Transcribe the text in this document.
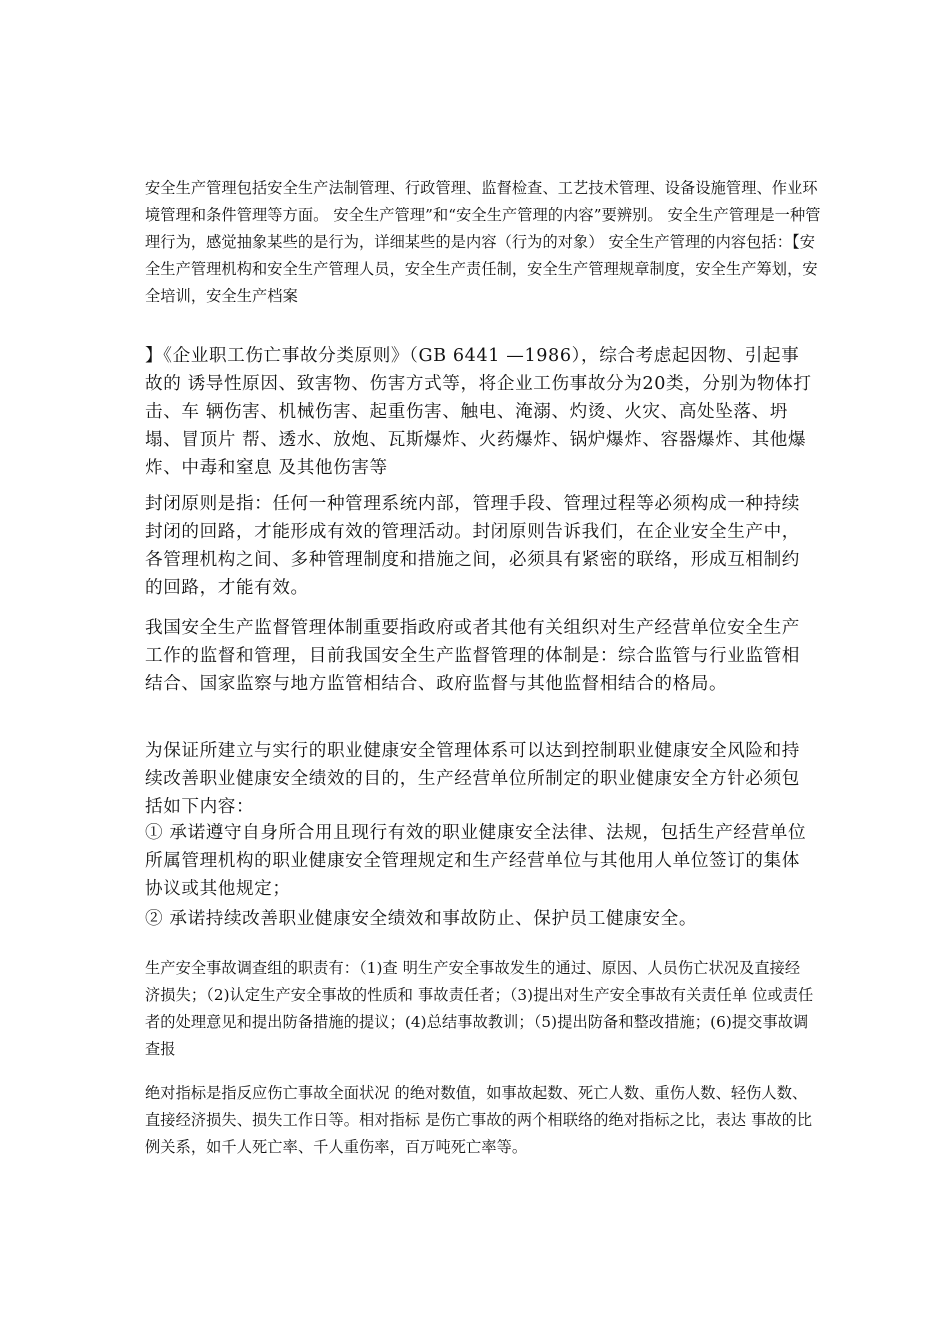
安全生产管理包括安全生产法制管理、行政管理、监督检查、工艺技术管理、设备设施管理、作业环境管理和条件管理等方面。 安全生产管理”和“安全生产管理的内容”要辨别。 安全生产管理是一种管理行为，感觉抽象某些的是行为，详细某些的是内容（行为的对象） 安全生产管理的内容包括：【安全生产管理机构和安全生产管理人员，安全生产责任制，安全生产管理规章制度，安全生产筹划，安全培训，安全生产档案

】《企业职工伤亡事故分类原则》（GB 6441 —1986），综合考虑起因物、引起事故的 诱导性原因、致害物、伤害方式等，将企业工伤事故分为20类，分别为物体打击、车 辆伤害、机械伤害、起重伤害、触电、淹溺、灼烫、火灾、高处坠落、坍塌、冒顶片 帮、透水、放炮、瓦斯爆炸、火药爆炸、锅炉爆炸、容器爆炸、其他爆炸、中毒和窒息 及其他伤害等

封闭原则是指：任何一种管理系统内部，管理手段、管理过程等必须构成一种持续封闭的回路，才能形成有效的管理活动。封闭原则告诉我们，在企业安全生产中，各管理机构之间、多种管理制度和措施之间，必须具有紧密的联络，形成互相制约的回路，才能有效。

我国安全生产监督管理体制重要指政府或者其他有关组织对生产经营单位安全生产工作的监督和管理，目前我国安全生产监督管理的体制是：综合监管与行业监管相结合、国家监察与地方监管相结合、政府监督与其他监督相结合的格局。

为保证所建立与实行的职业健康安全管理体系可以达到控制职业健康安全风险和持续改善职业健康安全绩效的目的，生产经营单位所制定的职业健康安全方针必须包括如下内容：

① 承诺遵守自身所合用且现行有效的职业健康安全法律、法规，包括生产经营单位所属管理机构的职业健康安全管理规定和生产经营单位与其他用人单位签订的集体协议或其他规定；

② 承诺持续改善职业健康安全绩效和事故防止、保护员工健康安全。

生产安全事故调查组的职责有：（1)查 明生产安全事故发生的通过、原因、人员伤亡状况及直接经济损失；（2)认定生产安全事故的性质和 事故责任者；（3)提出对生产安全事故有关责任单 位或责任者的处理意见和提出防备措施的提议；(4)总结事故教训；（5)提出防备和整改措施；(6)提交事故调查报

绝对指标是指反应伤亡事故全面状况 的绝对数值，如事故起数、死亡人数、重伤人数、轻伤人数、直接经济损失、损失工作日等。相对指标 是伤亡事故的两个相联络的绝对指标之比，表达 事故的比例关系，如千人死亡率、千人重伤率，百万吨死亡率等。
